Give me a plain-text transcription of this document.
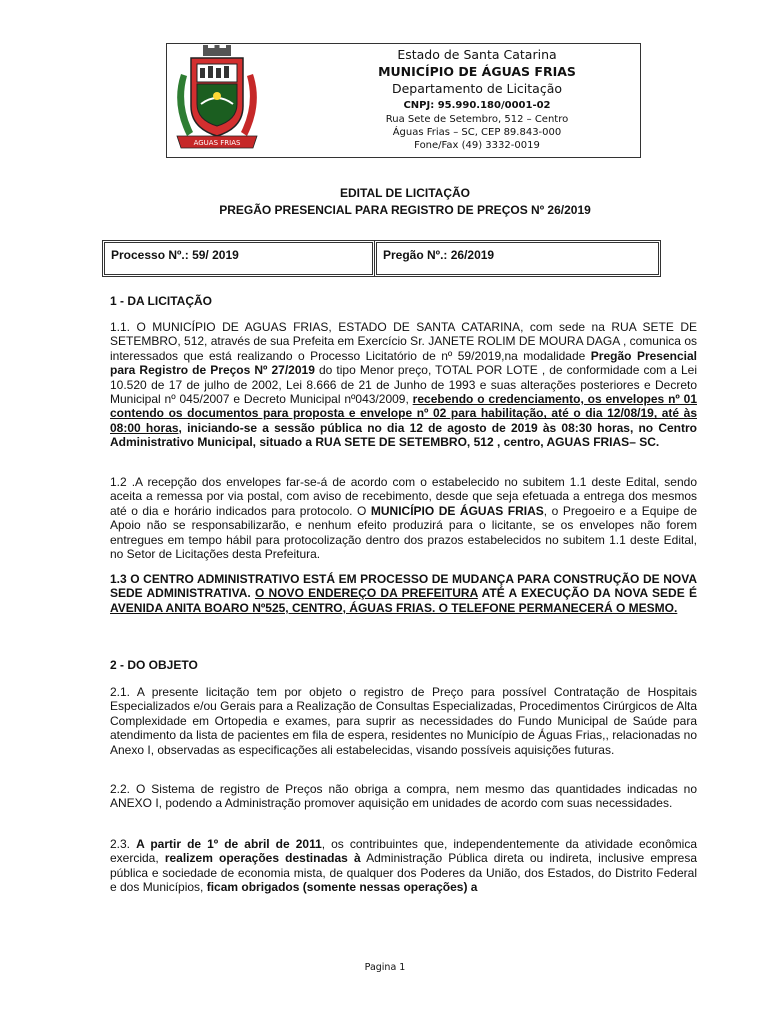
AGUAS FRIAS
Estado de Santa Catarina
MUNICÍPIO DE ÁGUAS FRIAS
Departamento de Licitação
CNPJ: 95.990.180/0001-02
Rua Sete de Setembro, 512 – Centro
Águas Frias – SC, CEP 89.843-000
Fone/Fax (49) 3332-0019
EDITAL DE LICITAÇÃO
PREGÃO PRESENCIAL PARA REGISTRO DE PREÇOS Nº 26/2019
Processo Nº.: 59/ 2019	Pregão Nº.: 26/2019
1 - DA LICITAÇÃO
1.1. O MUNICÍPIO DE AGUAS FRIAS, ESTADO DE SANTA CATARINA, com sede na RUA SETE DE SETEMBRO, 512, através de sua Prefeita em Exercício Sr. JANETE ROLIM DE MOURA DAGA , comunica os interessados que está realizando o Processo Licitatório de nº 59/2019,na modalidade Pregão Presencial para Registro de Preços Nº 27/2019 do tipo Menor preço, TOTAL POR LOTE , de conformidade com a Lei 10.520 de 17 de julho de 2002, Lei 8.666 de 21 de Junho de 1993 e suas alterações posteriores e Decreto Municipal nº 045/2007 e Decreto Municipal nº043/2009, recebendo o credenciamento, os envelopes nº 01 contendo os documentos para proposta e envelope nº 02 para habilitação, até o dia 12/08/19, até às 08:00 horas, iniciando-se a sessão pública no dia 12 de agosto de 2019 às 08:30 horas, no Centro Administrativo Municipal, situado a RUA SETE DE SETEMBRO, 512 , centro, AGUAS FRIAS– SC.
1.2 .A recepção dos envelopes far-se-á de acordo com o estabelecido no subitem 1.1 deste Edital, sendo aceita a remessa por via postal, com aviso de recebimento, desde que seja efetuada a entrega dos mesmos até o dia e horário indicados para protocolo. O MUNICÍPIO DE ÁGUAS FRIAS, o Pregoeiro e a Equipe de Apoio não se responsabilizarão, e nenhum efeito produzirá para o licitante, se os envelopes não forem entregues em tempo hábil para protocolização dentro dos prazos estabelecidos no subitem 1.1 deste Edital, no Setor de Licitações desta Prefeitura.
1.3 O CENTRO ADMINISTRATIVO ESTÁ EM PROCESSO DE MUDANÇA PARA CONSTRUÇÃO DE NOVA SEDE ADMINISTRATIVA. O NOVO ENDEREÇO DA PREFEITURA ATÉ A EXECUÇÃO DA NOVA SEDE É AVENIDA ANITA BOARO Nº525, CENTRO, ÁGUAS FRIAS. O TELEFONE PERMANECERÁ O MESMO.
2 - DO OBJETO
2.1. A presente licitação tem por objeto o registro de Preço para possível Contratação de Hospitais Especializados e/ou Gerais para a Realização de Consultas Especializadas, Procedimentos Cirúrgicos de Alta Complexidade em Ortopedia e exames, para suprir as necessidades do Fundo Municipal de Saúde para atendimento da lista de pacientes em fila de espera, residentes no Município de Águas Frias,, relacionadas no Anexo I, observadas as especificações ali estabelecidas, visando possíveis aquisições futuras.
2.2. O Sistema de registro de Preços não obriga a compra, nem mesmo das quantidades indicadas no ANEXO I, podendo a Administração promover aquisição em unidades de acordo com suas necessidades.
2.3. A partir de 1º de abril de 2011, os contribuintes que, independentemente da atividade econômica exercida, realizem operações destinadas à Administração Pública direta ou indireta, inclusive empresa pública e sociedade de economia mista, de qualquer dos Poderes da União, dos Estados, do Distrito Federal e dos Municípios, ficam obrigados (somente nessas operações) a
Pagina 1
